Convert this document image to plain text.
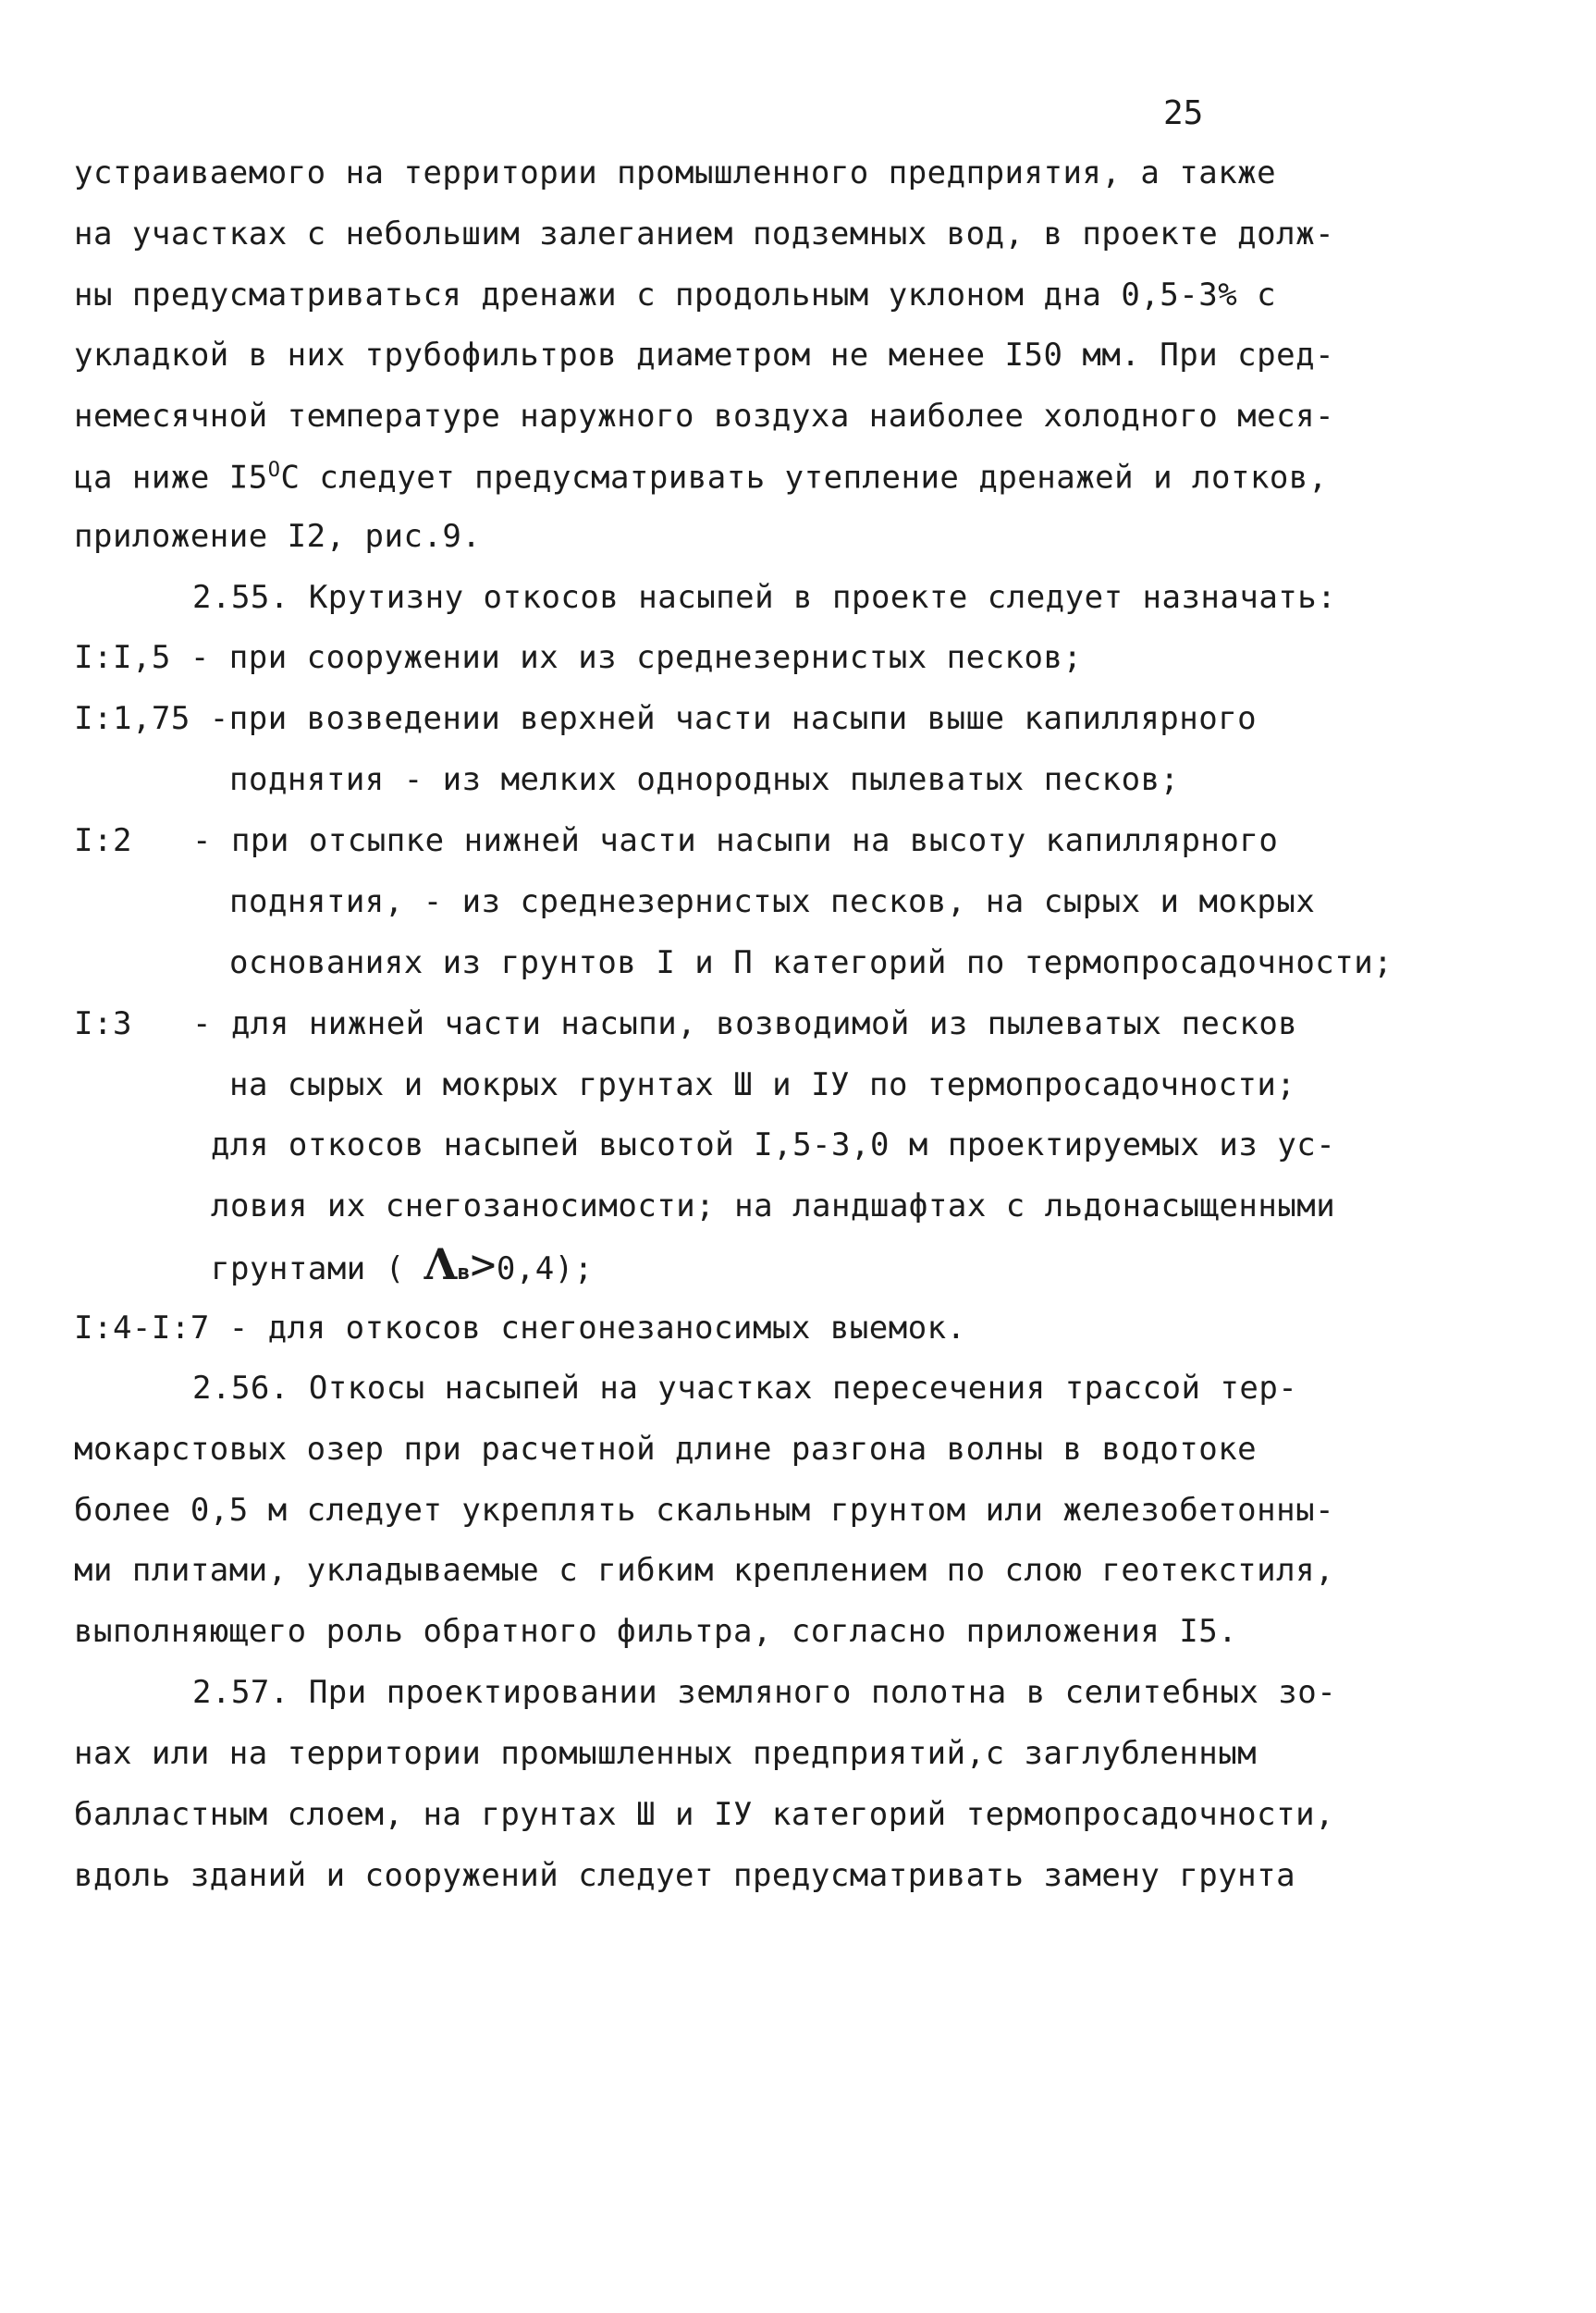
25
устраиваемого на территории промышленного предприятия, а также
на участках с небольшим залеганием подземных вод, в проекте долж-
ны предусматриваться дренажи с продольным уклоном дна 0,5-3% с
укладкой в них трубофильтров диаметром не менее I50 мм. При сред-
немесячной температуре наружного воздуха наиболее холодного меся-
ца ниже $I5^OС$ следует предусматривать утепление дренажей и лотков,
приложение I2, рис.9.
2.55. Крутизну откосов насыпей в проекте следует назначать:
I:I,5 - при сооружении их из среднезернистых песков;
I:1,75 -при возведении верхней части насыпи выше капиллярного
поднятия - из мелких однородных пылеватых песков;
I:2 - при отсыпке нижней части насыпи на высоту капиллярного
поднятия, - из среднезернистых песков, на сырых и мокрых
основаниях из грунтов I и П категорий по термопросадочности;
I:3 - для нижней части насыпи, возводимой из пылеватых песков
на сырых и мокрых грунтах Ш и IУ по термопросадочности;
для откосов насыпей высотой I,5-3,0 м проектируемых из ус-
ловия их снегозаносимости; на ландшафтах с льдонасыщенными
грунтами ( Λв>0,4);
I:4-I:7 - для откосов снегонезаносимых выемок.
2.56. Откосы насыпей на участках пересечения трассой тер-
мокарстовых озер при расчетной длине разгона волны в водотоке
более 0,5 м следует укреплять скальным грунтом или железобетонны-
ми плитами, укладываемые с гибким креплением по слою геотекстиля,
выполняющего роль обратного фильтра, согласно приложения I5.
2.57. При проектировании земляного полотна в селитебных зо-
нах или на территории промышленных предприятий,с заглубленным
балластным слоем, на грунтах Ш и IУ категорий термопросадочности,
вдоль зданий и сооружений следует предусматривать замену грунта
